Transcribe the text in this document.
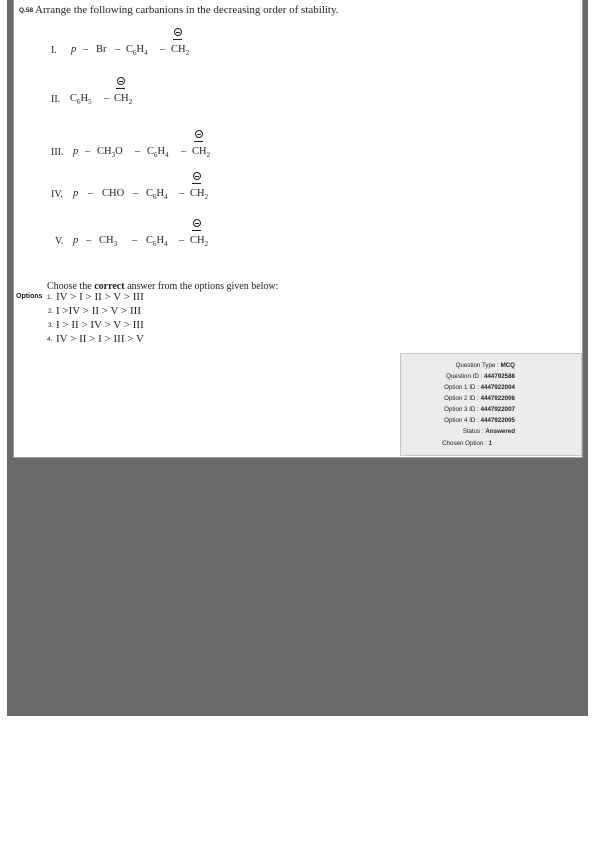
Q.58 Arrange the following carbanions in the decreasing order of stability.
I. p – Br – $C_6H_4 - CH_2$
II. $C_6H_5 - CH_2$
III. p – $CH_3O - C_6H_4 - CH_2$
IV. p – CHO – $C_6H_4 - CH_2$
V. p – $CH_3 - C_6H_4 - CH_2$
Choose the correct answer from the options given below:
Options 1. IV > I > II > V > III
2. I >IV > II > V > III
3. I > II > IV > V > III
4. IV > II > I > III > V
Question Type : MCQ
Question ID : 444792588
Option 1 ID : 4447922004
Option 2 ID : 4447922006
Option 3 ID : 4447922007
Option 4 ID : 4447922005
Status : Answered
Chosen Option : 1
